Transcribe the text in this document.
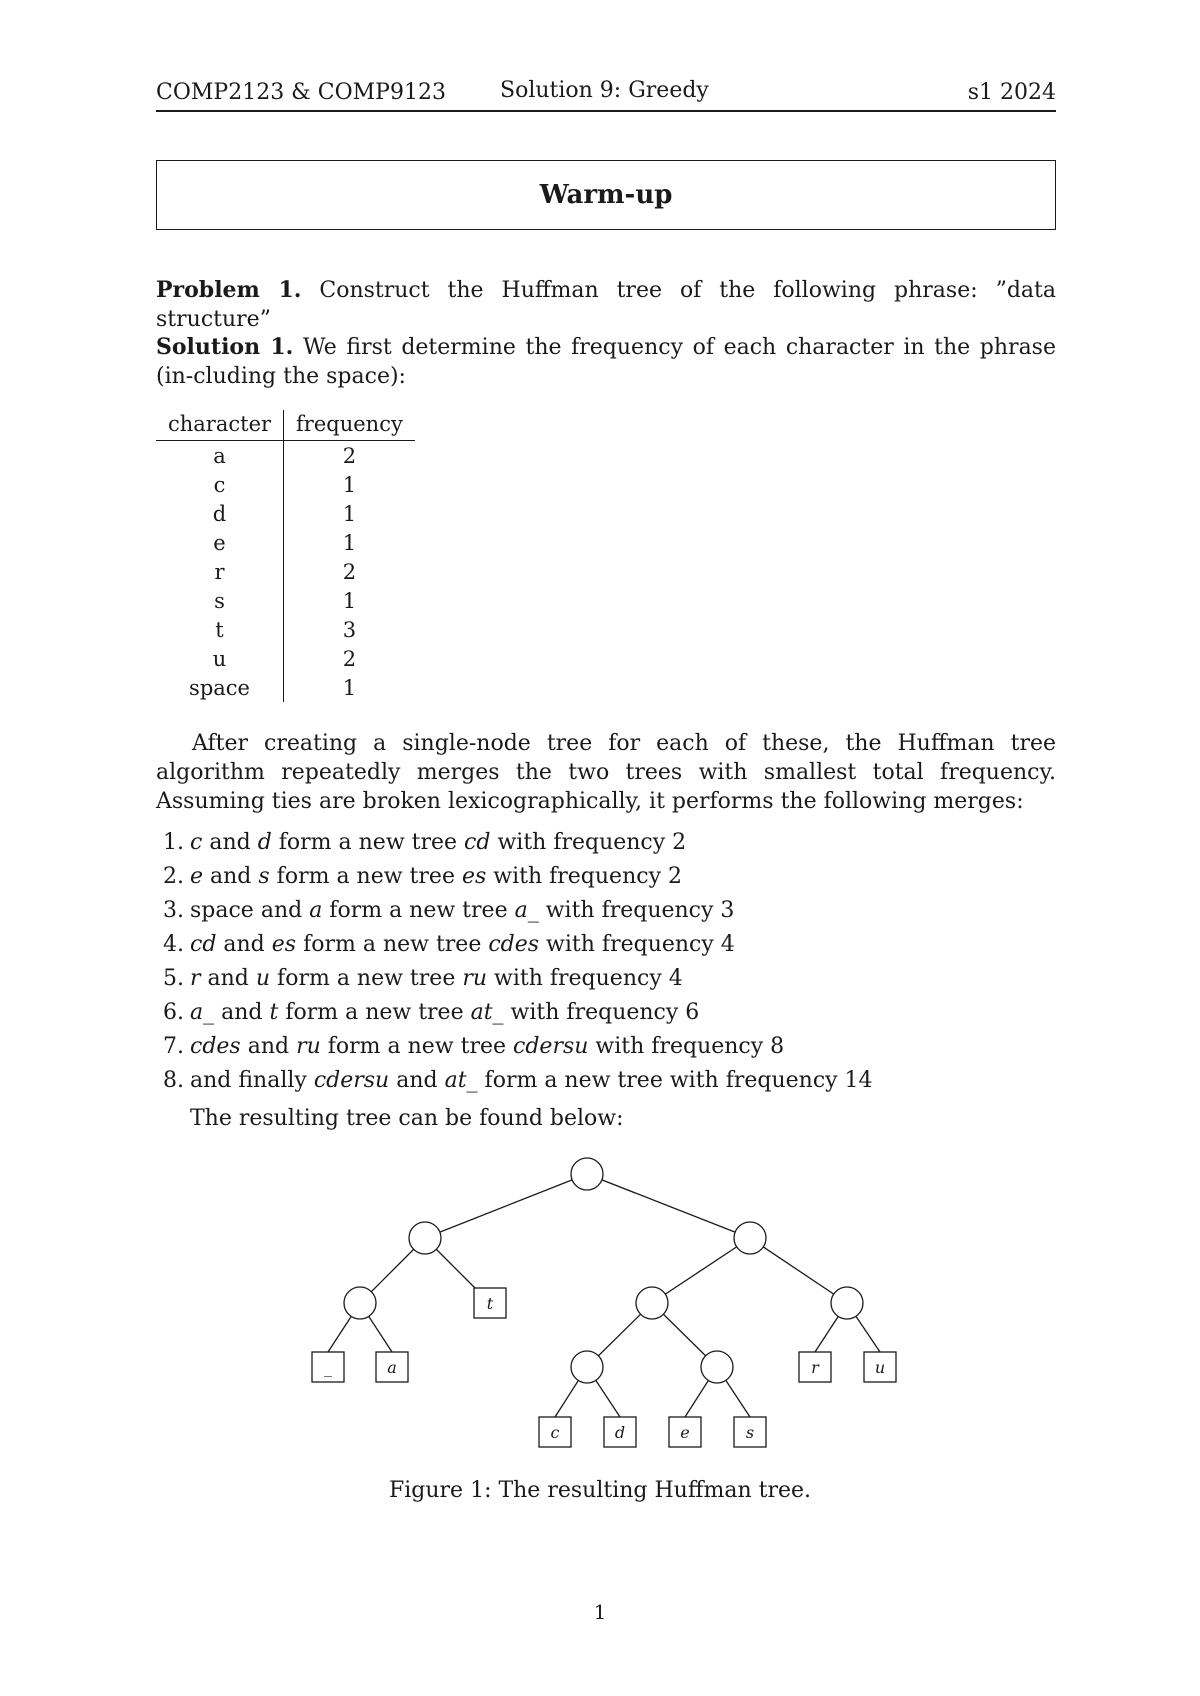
COMP2123 & COMP9123 Solution 9: Greedy	s1 2024
Warm-up
Problem 1. Construct the Huffman tree of the following phrase: ”data structure”
Solution 1. We first determine the frequency of each character in the phrase (in-cluding the space):
character	frequency
a	2
c	1
d	1
e	1
r	2
s	1
t	3
u	2
space	1
After creating a single-node tree for each of these, the Huffman tree algorithm repeatedly merges the two trees with smallest total frequency. Assuming ties are broken lexicographically, it performs the following merges:
1. c and d form a new tree cd with frequency 2
2. e and s form a new tree es with frequency 2
3. space and a form a new tree a_ with frequency 3
4. cd and es form a new tree cdes with frequency 4
5. r and u form a new tree ru with frequency 4
6. a_ and t form a new tree at_ with frequency 6
7. cdes and ru form a new tree cdersu with frequency 8
8. and finally cdersu and at_ form a new tree with frequency 14
The resulting tree can be found below:
_	a
t
c	d	e	s
r	u
Figure 1: The resulting Huffman tree.
1
